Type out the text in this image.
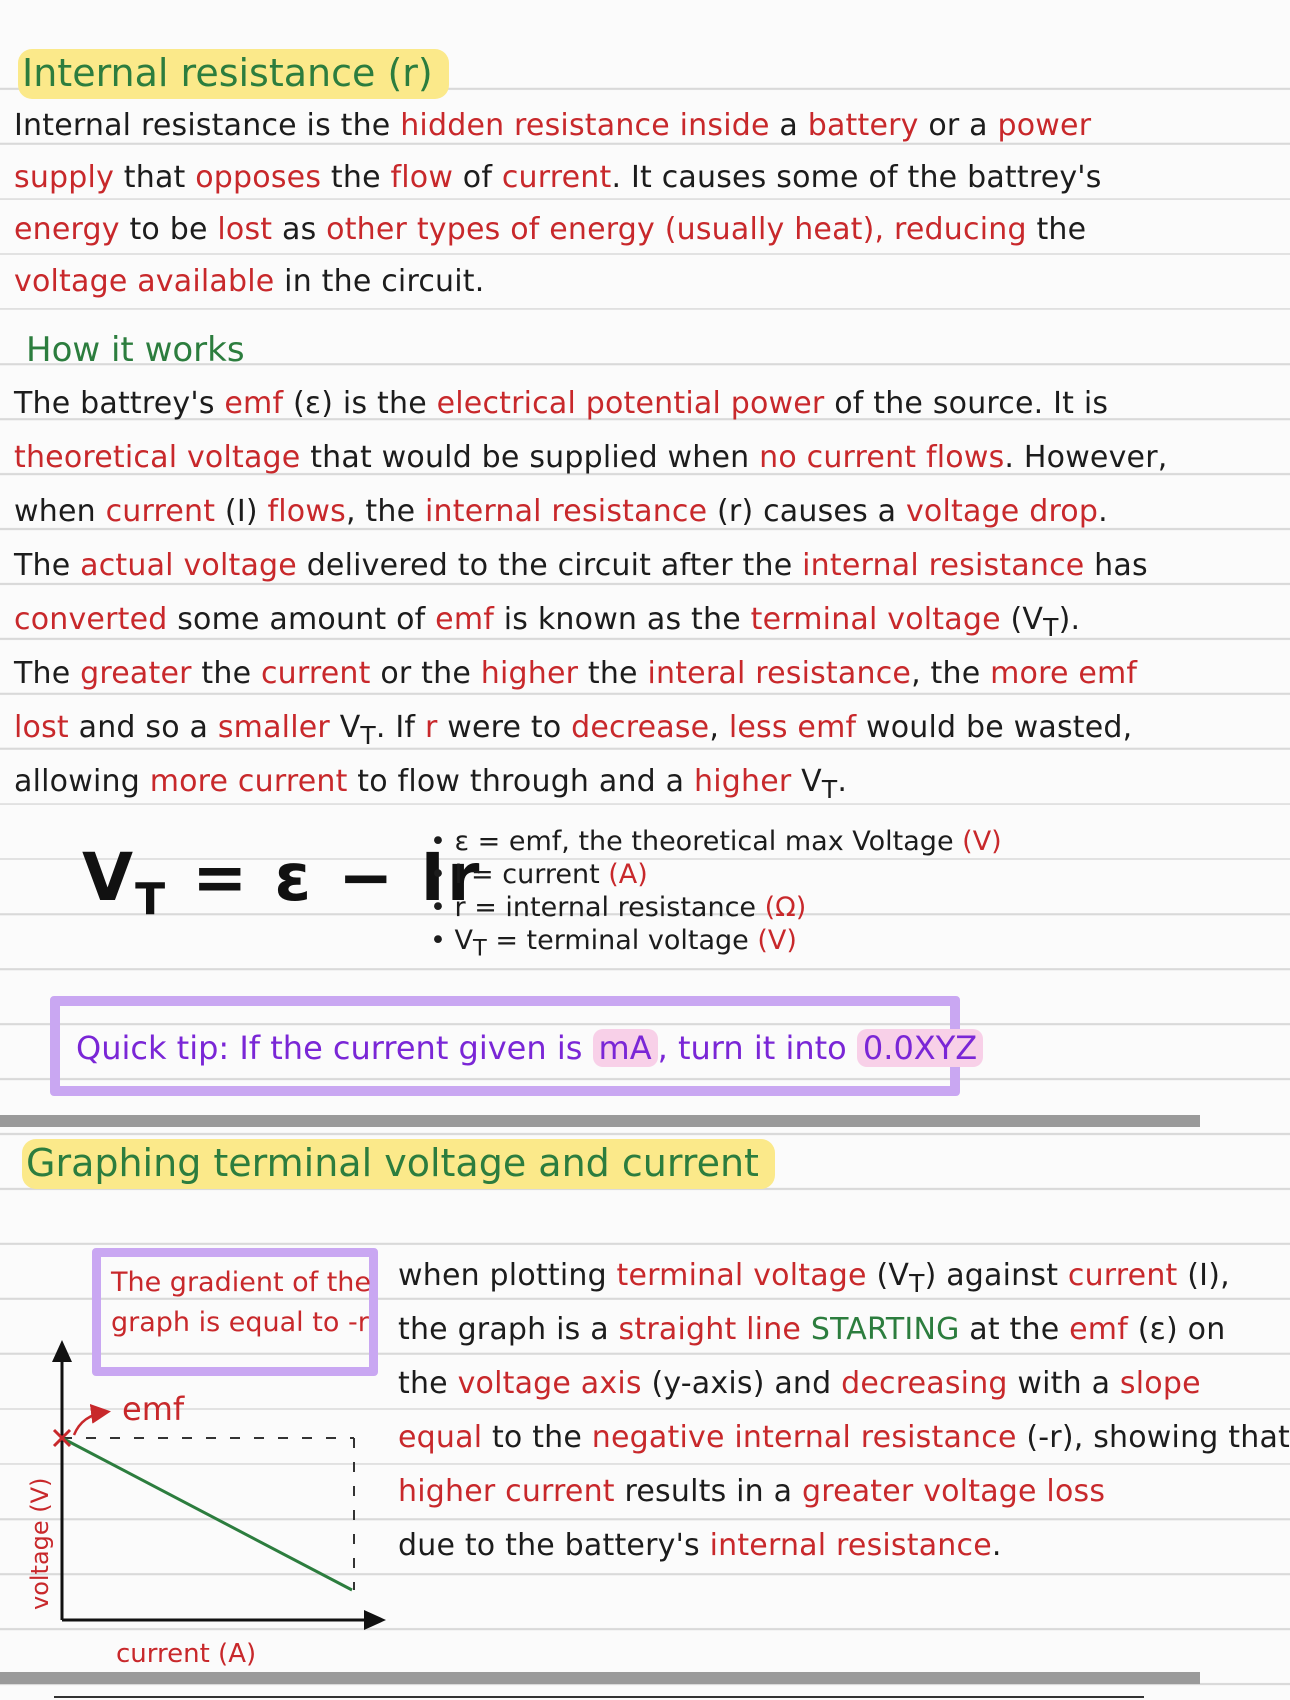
Internal resistance (r)
Internal resistance is the hidden resistance inside a battery or a power
supply that opposes the flow of current. It causes some of the battrey's
energy to be lost as other types of energy (usually heat), reducing the
voltage available in the circuit.
How it works
The battrey's emf (ε) is the electrical potential power of the source. It is
theoretical voltage that would be supplied when no current flows. However,
when current (I) flows, the internal resistance (r) causes a voltage drop.
The actual voltage delivered to the circuit after the internal resistance has
converted some amount of emf is known as the terminal voltage $(V_T)$.
The greater the current or the higher the interal resistance, the more emf
lost and so a smaller $V_T$. If r were to decrease, less emf would be wasted,
allowing more current to flow through and a higher $V_T$.
$V_T = \varepsilon - Ir$
• ε = emf, the theoretical max Voltage (V)
• I = current (A)
• r = internal resistance (Ω)
• $V_T$ = terminal voltage (V)
Quick tip: If the current given is mA , turn it into 0.0XYZ
Graphing terminal voltage and current
The gradient of the
graph is equal to -r
emf
voltage (V)
current (A)
when plotting terminal voltage $(V_T)$ against current (I),
the graph is a straight line STARTING at the emf (ε) on
the voltage axis (y-axis) and decreasing with a slope
equal to the negative internal resistance (-r), showing that
higher current results in a greater voltage loss
due to the battery's internal resistance.
